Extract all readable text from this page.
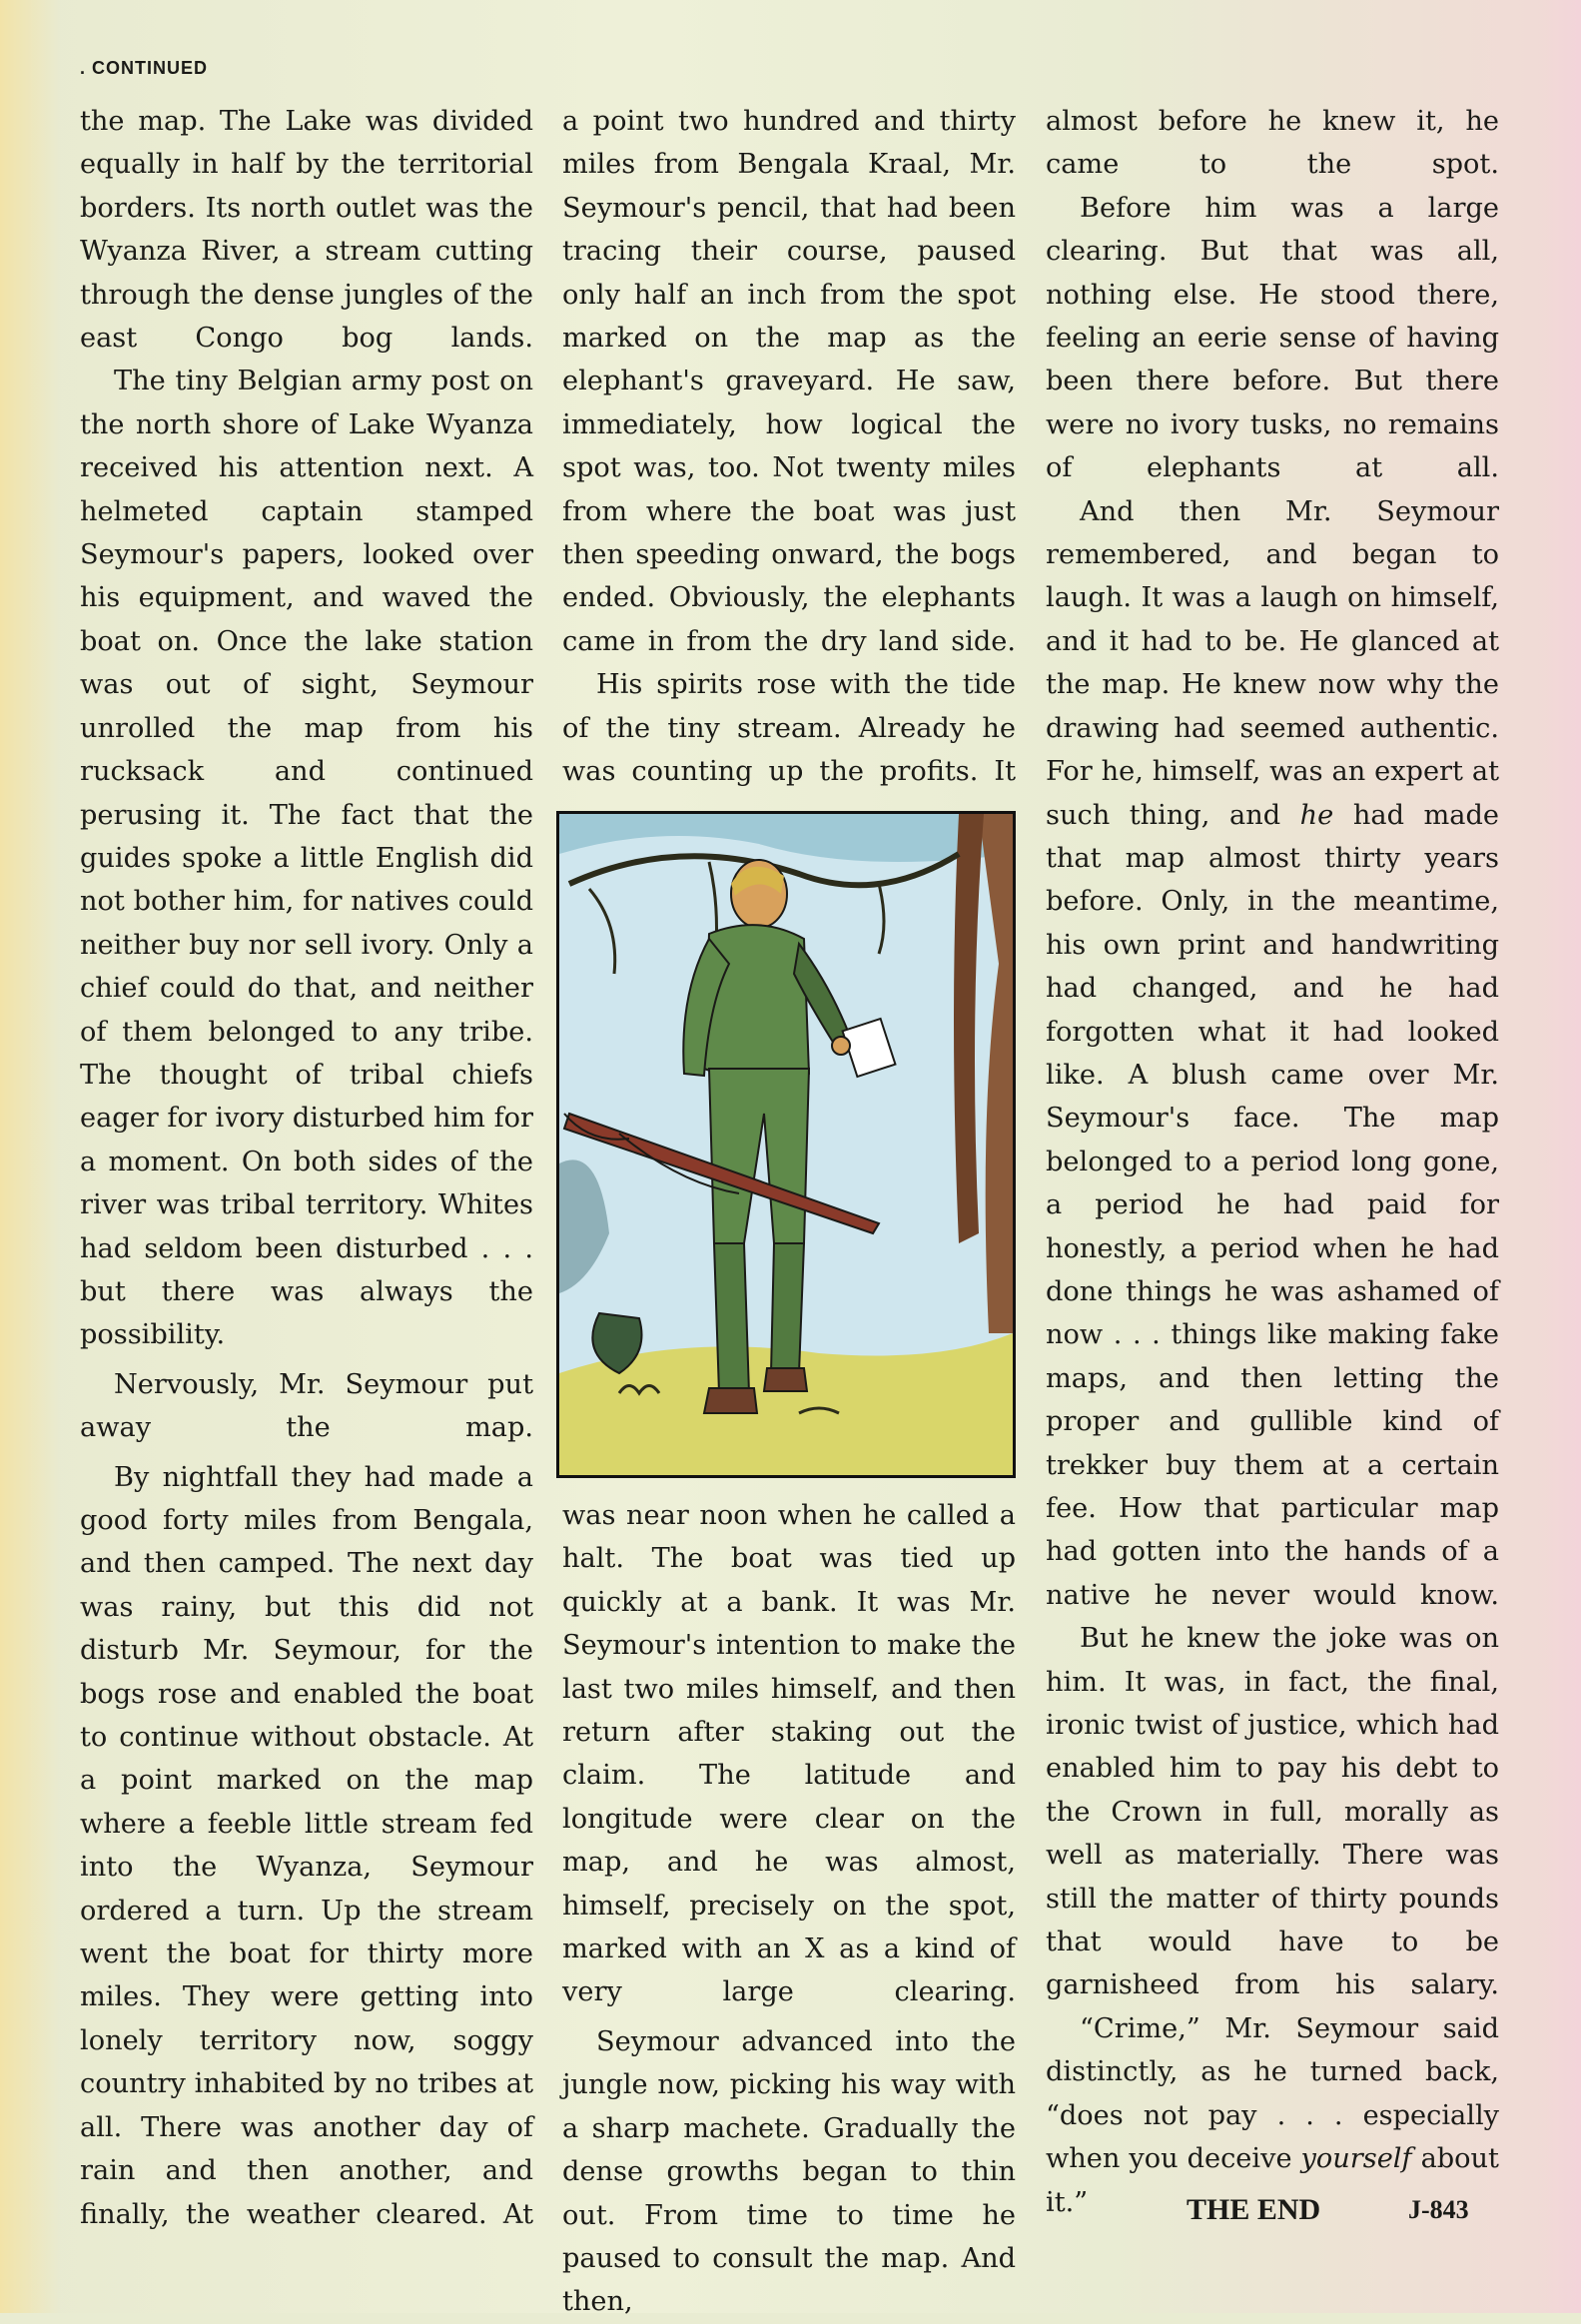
. CONTINUED

the map. The Lake was divided equally in half by the territorial borders. Its north outlet was the Wyanza River, a stream cutting through the dense jungles of the east Congo bog lands.

The tiny Belgian army post on the north shore of Lake Wyanza received his attention next. A helmeted captain stamped Seymour's papers, looked over his equipment, and waved the boat on. Once the lake station was out of sight, Seymour unrolled the map from his rucksack and continued perusing it. The fact that the guides spoke a little English did not bother him, for natives could neither buy nor sell ivory. Only a chief could do that, and neither of them belonged to any tribe. The thought of tribal chiefs eager for ivory disturbed him for a moment. On both sides of the river was tribal territory. Whites had seldom been disturbed . . . but there was always the possibility.

Nervously, Mr. Seymour put away the map.

By nightfall they had made a good forty miles from Bengala, and then camped. The next day was rainy, but this did not disturb Mr. Seymour, for the bogs rose and enabled the boat to continue without obstacle. At a point marked on the map where a feeble little stream fed into the Wyanza, Seymour ordered a turn. Up the stream went the boat for thirty more miles. They were getting into lonely territory now, soggy country inhabited by no tribes at all. There was another day of rain and then another, and finally, the weather cleared. At

a point two hundred and thirty miles from Bengala Kraal, Mr. Seymour's pencil, that had been tracing their course, paused only half an inch from the spot marked on the map as the elephant's graveyard. He saw, immediately, how logical the spot was, too. Not twenty miles from where the boat was just then speeding onward, the bogs ended. Obviously, the elephants came in from the dry land side.

His spirits rose with the tide of the tiny stream. Already he was counting up the profits. It

was near noon when he called a halt. The boat was tied up quickly at a bank. It was Mr. Seymour's intention to make the last two miles himself, and then return after staking out the claim. The latitude and longitude were clear on the map, and he was almost, himself, precisely on the spot, marked with an X as a kind of very large clearing.

Seymour advanced into the jungle now, picking his way with a sharp machete. Gradually the dense growths began to thin out. From time to time he paused to consult the map. And then,

almost before he knew it, he came to the spot.

Before him was a large clearing. But that was all, nothing else. He stood there, feeling an eerie sense of having been there before. But there were no ivory tusks, no remains of elephants at all.

And then Mr. Seymour remembered, and began to laugh. It was a laugh on himself, and it had to be. He glanced at the map. He knew now why the drawing had seemed authentic. For he, himself, was an expert at such thing, and he had made that map almost thirty years before. Only, in the meantime, his own print and handwriting had changed, and he had forgotten what it had looked like. A blush came over Mr. Seymour's face. The map belonged to a period long gone, a period he had paid for honestly, a period when he had done things he was ashamed of now . . . things like making fake maps, and then letting the proper and gullible kind of trekker buy them at a certain fee. How that particular map had gotten into the hands of a native he never would know.

But he knew the joke was on him. It was, in fact, the final, ironic twist of justice, which had enabled him to pay his debt to the Crown in full, morally as well as materially. There was still the matter of thirty pounds that would have to be garnisheed from his salary.

“Crime,” Mr. Seymour said distinctly, as he turned back, “does not pay . . . especially when you deceive yourself about it.”	THE END	J-843
